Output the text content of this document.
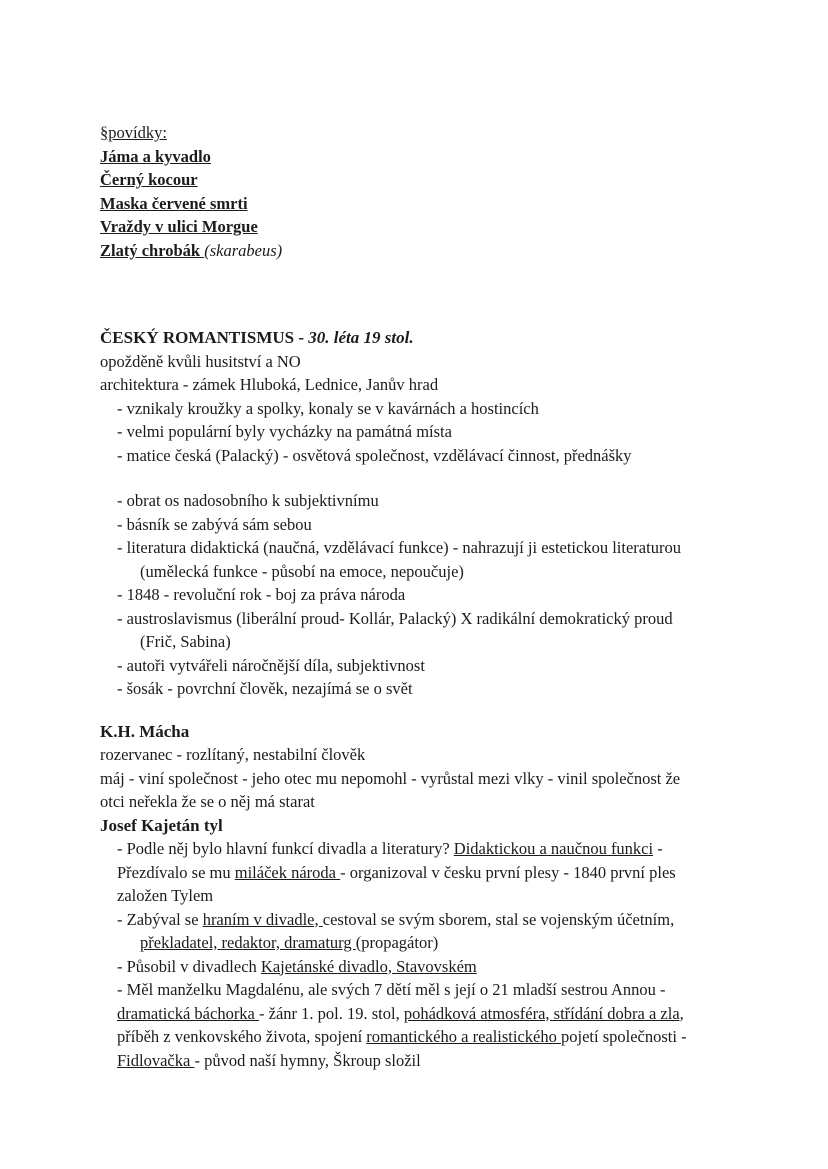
§povídky:

Jáma a kyvadlo

Černý kocour

Maska červené smrti

Vraždy v ulici Morgue

Zlatý chrobák (skarabeus)

ČESKÝ ROMANTISMUS - 30. léta 19 stol.

opožděně kvůli husitství a NO

architektura - zámek Hluboká, Lednice, Janův hrad

- vznikaly kroužky a spolky, konaly se v kavárnách a hostincích

- velmi populární byly vycházky na památná místa

- matice česká (Palacký) - osvětová společnost, vzdělávací činnost, přednášky

- obrat os nadosobního k subjektivnímu

- básník se zabývá sám sebou

- literatura didaktická (naučná, vzdělávací funkce) - nahrazují ji estetickou literaturou

(umělecká funkce - působí na emoce, nepoučuje)

- 1848 - revoluční rok - boj za práva národa

- austroslavismus (liberální proud- Kollár, Palacký) X radikální demokratický proud

(Frič, Sabina)

- autoři vytvářeli náročnější díla, subjektivnost

- šosák - povrchní člověk, nezajímá se o svět

K.H. Mácha

rozervanec - rozlítaný, nestabilní člověk

máj - viní společnost - jeho otec mu nepomohl - vyrůstal mezi vlky - vinil společnost že

otci neřekla že se o něj má starat

Josef Kajetán tyl

- Podle něj bylo hlavní funkcí divadla a literatury? Didaktickou a naučnou funkci -

Přezdívalo se mu miláček národa - organizoval v česku první plesy - 1840 první ples

založen Tylem

- Zabýval se hraním v divadle, cestoval se svým sborem, stal se vojenským účetním,

překladatel, redaktor, dramaturg (propagátor)

- Působil v divadlech Kajetánské divadlo, Stavovském

- Měl manželku Magdalénu, ale svých 7 dětí měl s její o 21 mladší sestrou Annou -

dramatická báchorka - žánr 1. pol. 19. stol, pohádková atmosféra, střídání dobra a zla,

příběh z venkovského života, spojení romantického a realistického pojetí společnosti -

Fidlovačka - původ naší hymny, Škroup složil
